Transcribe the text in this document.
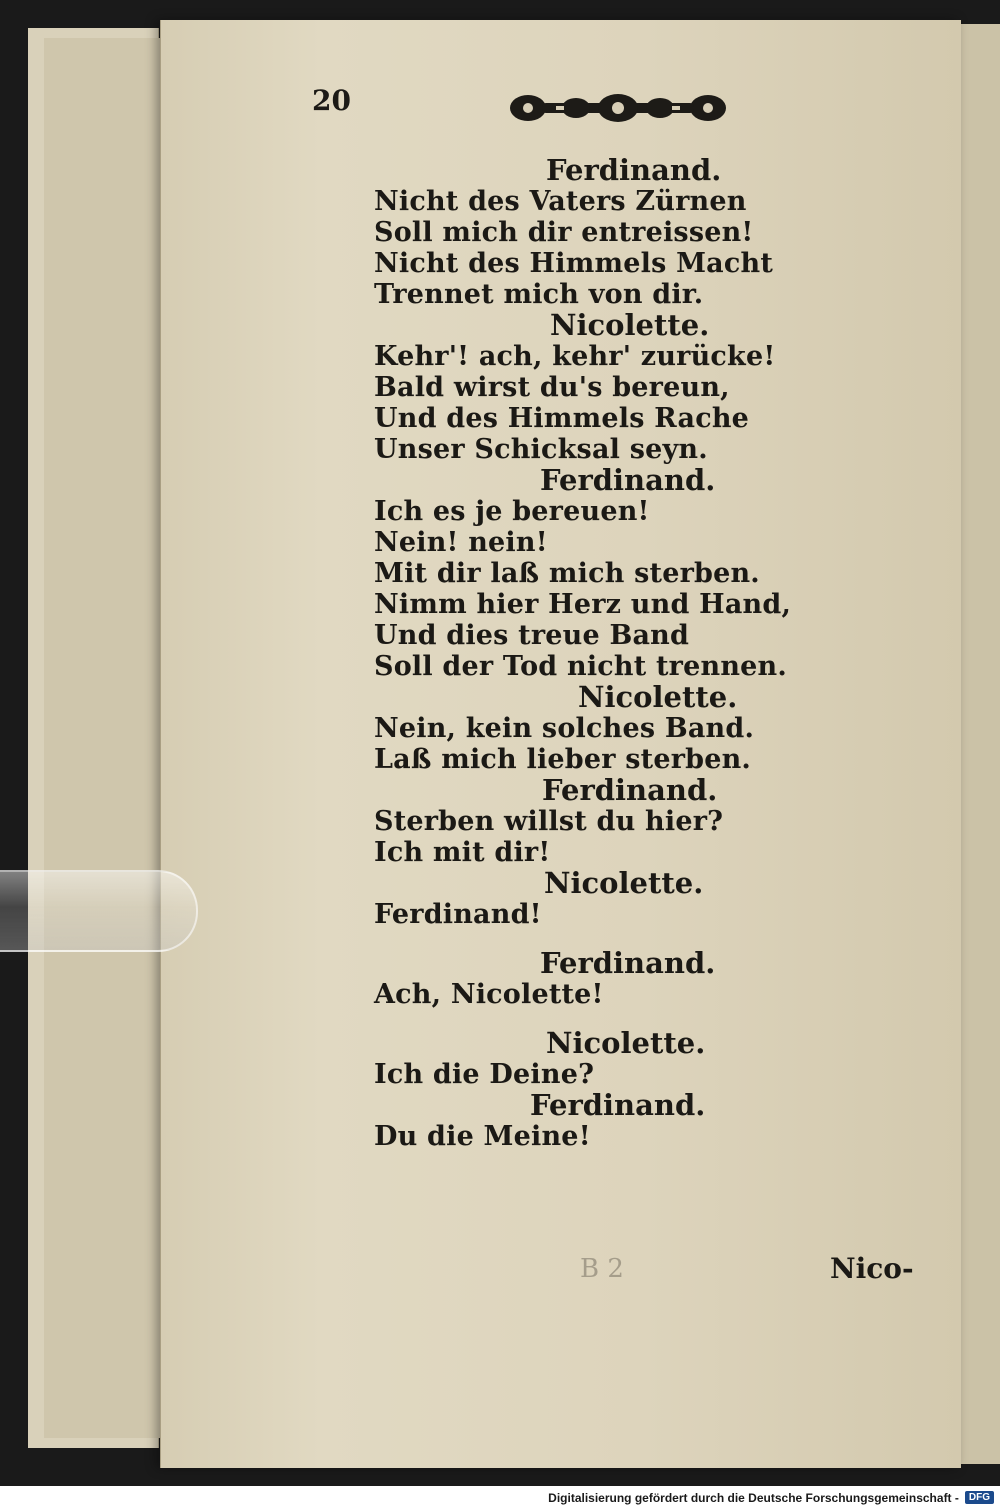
20
Ferdinand.
Nicht des Vaters Zürnen
Soll mich dir entreissen!
Nicht des Himmels Macht
Trennet mich von dir.
Nicolette.
Kehr'! ach, kehr' zurücke!
Bald wirst du's bereun,
Und des Himmels Rache
Unser Schicksal seyn.
Ferdinand.
Ich es je bereuen!
Nein! nein!
Mit dir laß mich sterben.
Nimm hier Herz und Hand,
Und dies treue Band
Soll der Tod nicht trennen.
Nicolette.
Nein, kein solches Band.
Laß mich lieber sterben.
Ferdinand.
Sterben willst du hier?
Ich mit dir!
Nicolette.
Ferdinand!
Ferdinand.
Ach, Nicolette!
Nicolette.
Ich die Deine?
Ferdinand.
Du die Meine!
B 2	Nico-
Digitalisierung gefördert durch die Deutsche Forschungsgemeinschaft -	DFG
